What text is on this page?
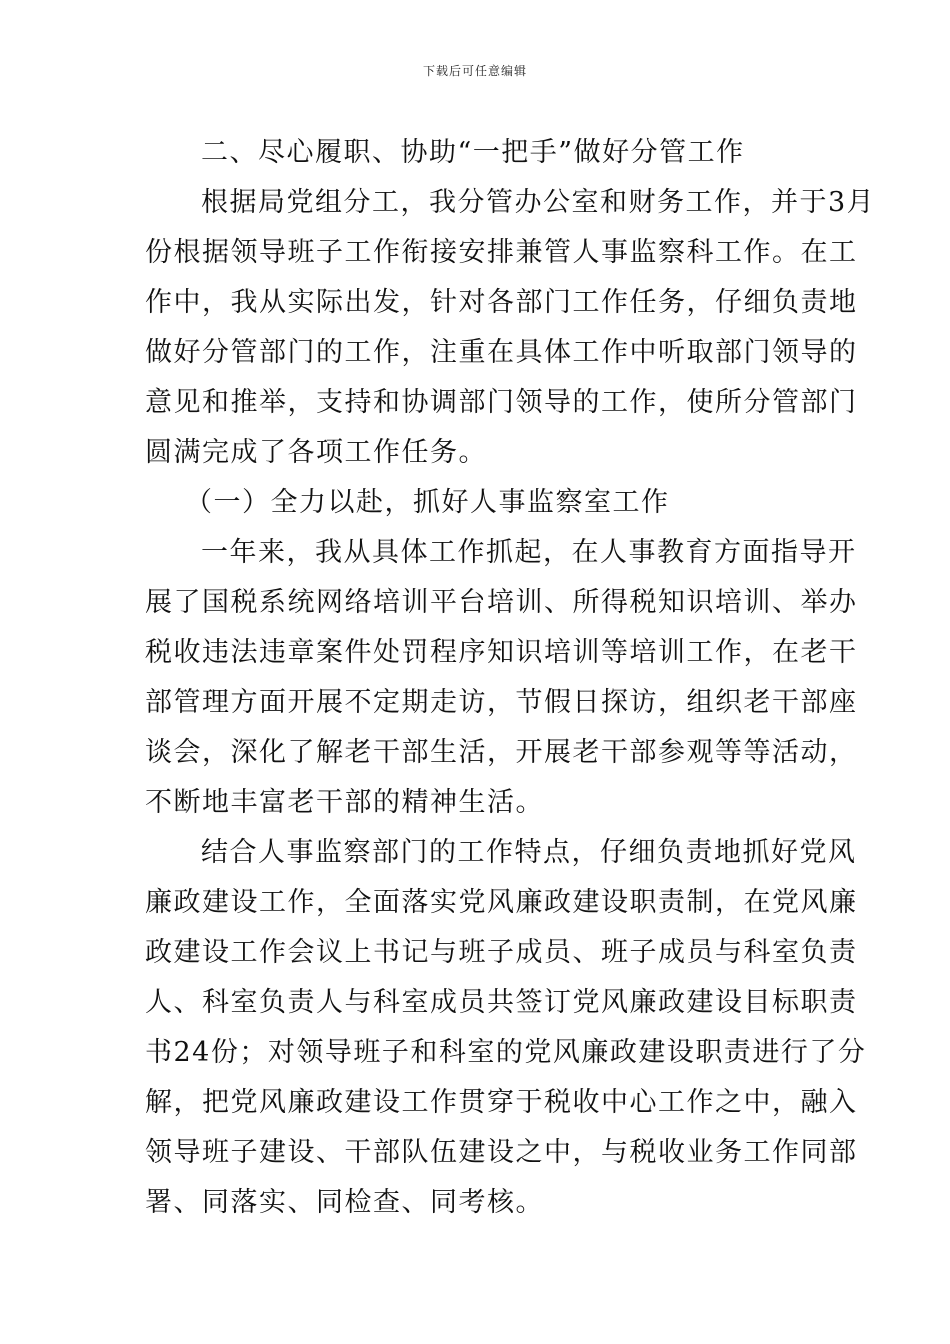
下载后可任意编辑
二、尽心履职、协助“一把手”做好分管工作
根据局党组分工，我分管办公室和财务工作，并于3月
份根据领导班子工作衔接安排兼管人事监察科工作。在工
作中，我从实际出发，针对各部门工作任务，仔细负责地
做好分管部门的工作，注重在具体工作中听取部门领导的
意见和推举，支持和协调部门领导的工作，使所分管部门
圆满完成了各项工作任务。
（一）全力以赴，抓好人事监察室工作
一年来，我从具体工作抓起，在人事教育方面指导开
展了国税系统网络培训平台培训、所得税知识培训、举办
税收违法违章案件处罚程序知识培训等培训工作，在老干
部管理方面开展不定期走访，节假日探访，组织老干部座
谈会，深化了解老干部生活，开展老干部参观等等活动，
不断地丰富老干部的精神生活。
结合人事监察部门的工作特点，仔细负责地抓好党风
廉政建设工作，全面落实党风廉政建设职责制，在党风廉
政建设工作会议上书记与班子成员、班子成员与科室负责
人、科室负责人与科室成员共签订党风廉政建设目标职责
书24份；对领导班子和科室的党风廉政建设职责进行了分
解，把党风廉政建设工作贯穿于税收中心工作之中，融入
领导班子建设、干部队伍建设之中，与税收业务工作同部
署、同落实、同检查、同考核。
